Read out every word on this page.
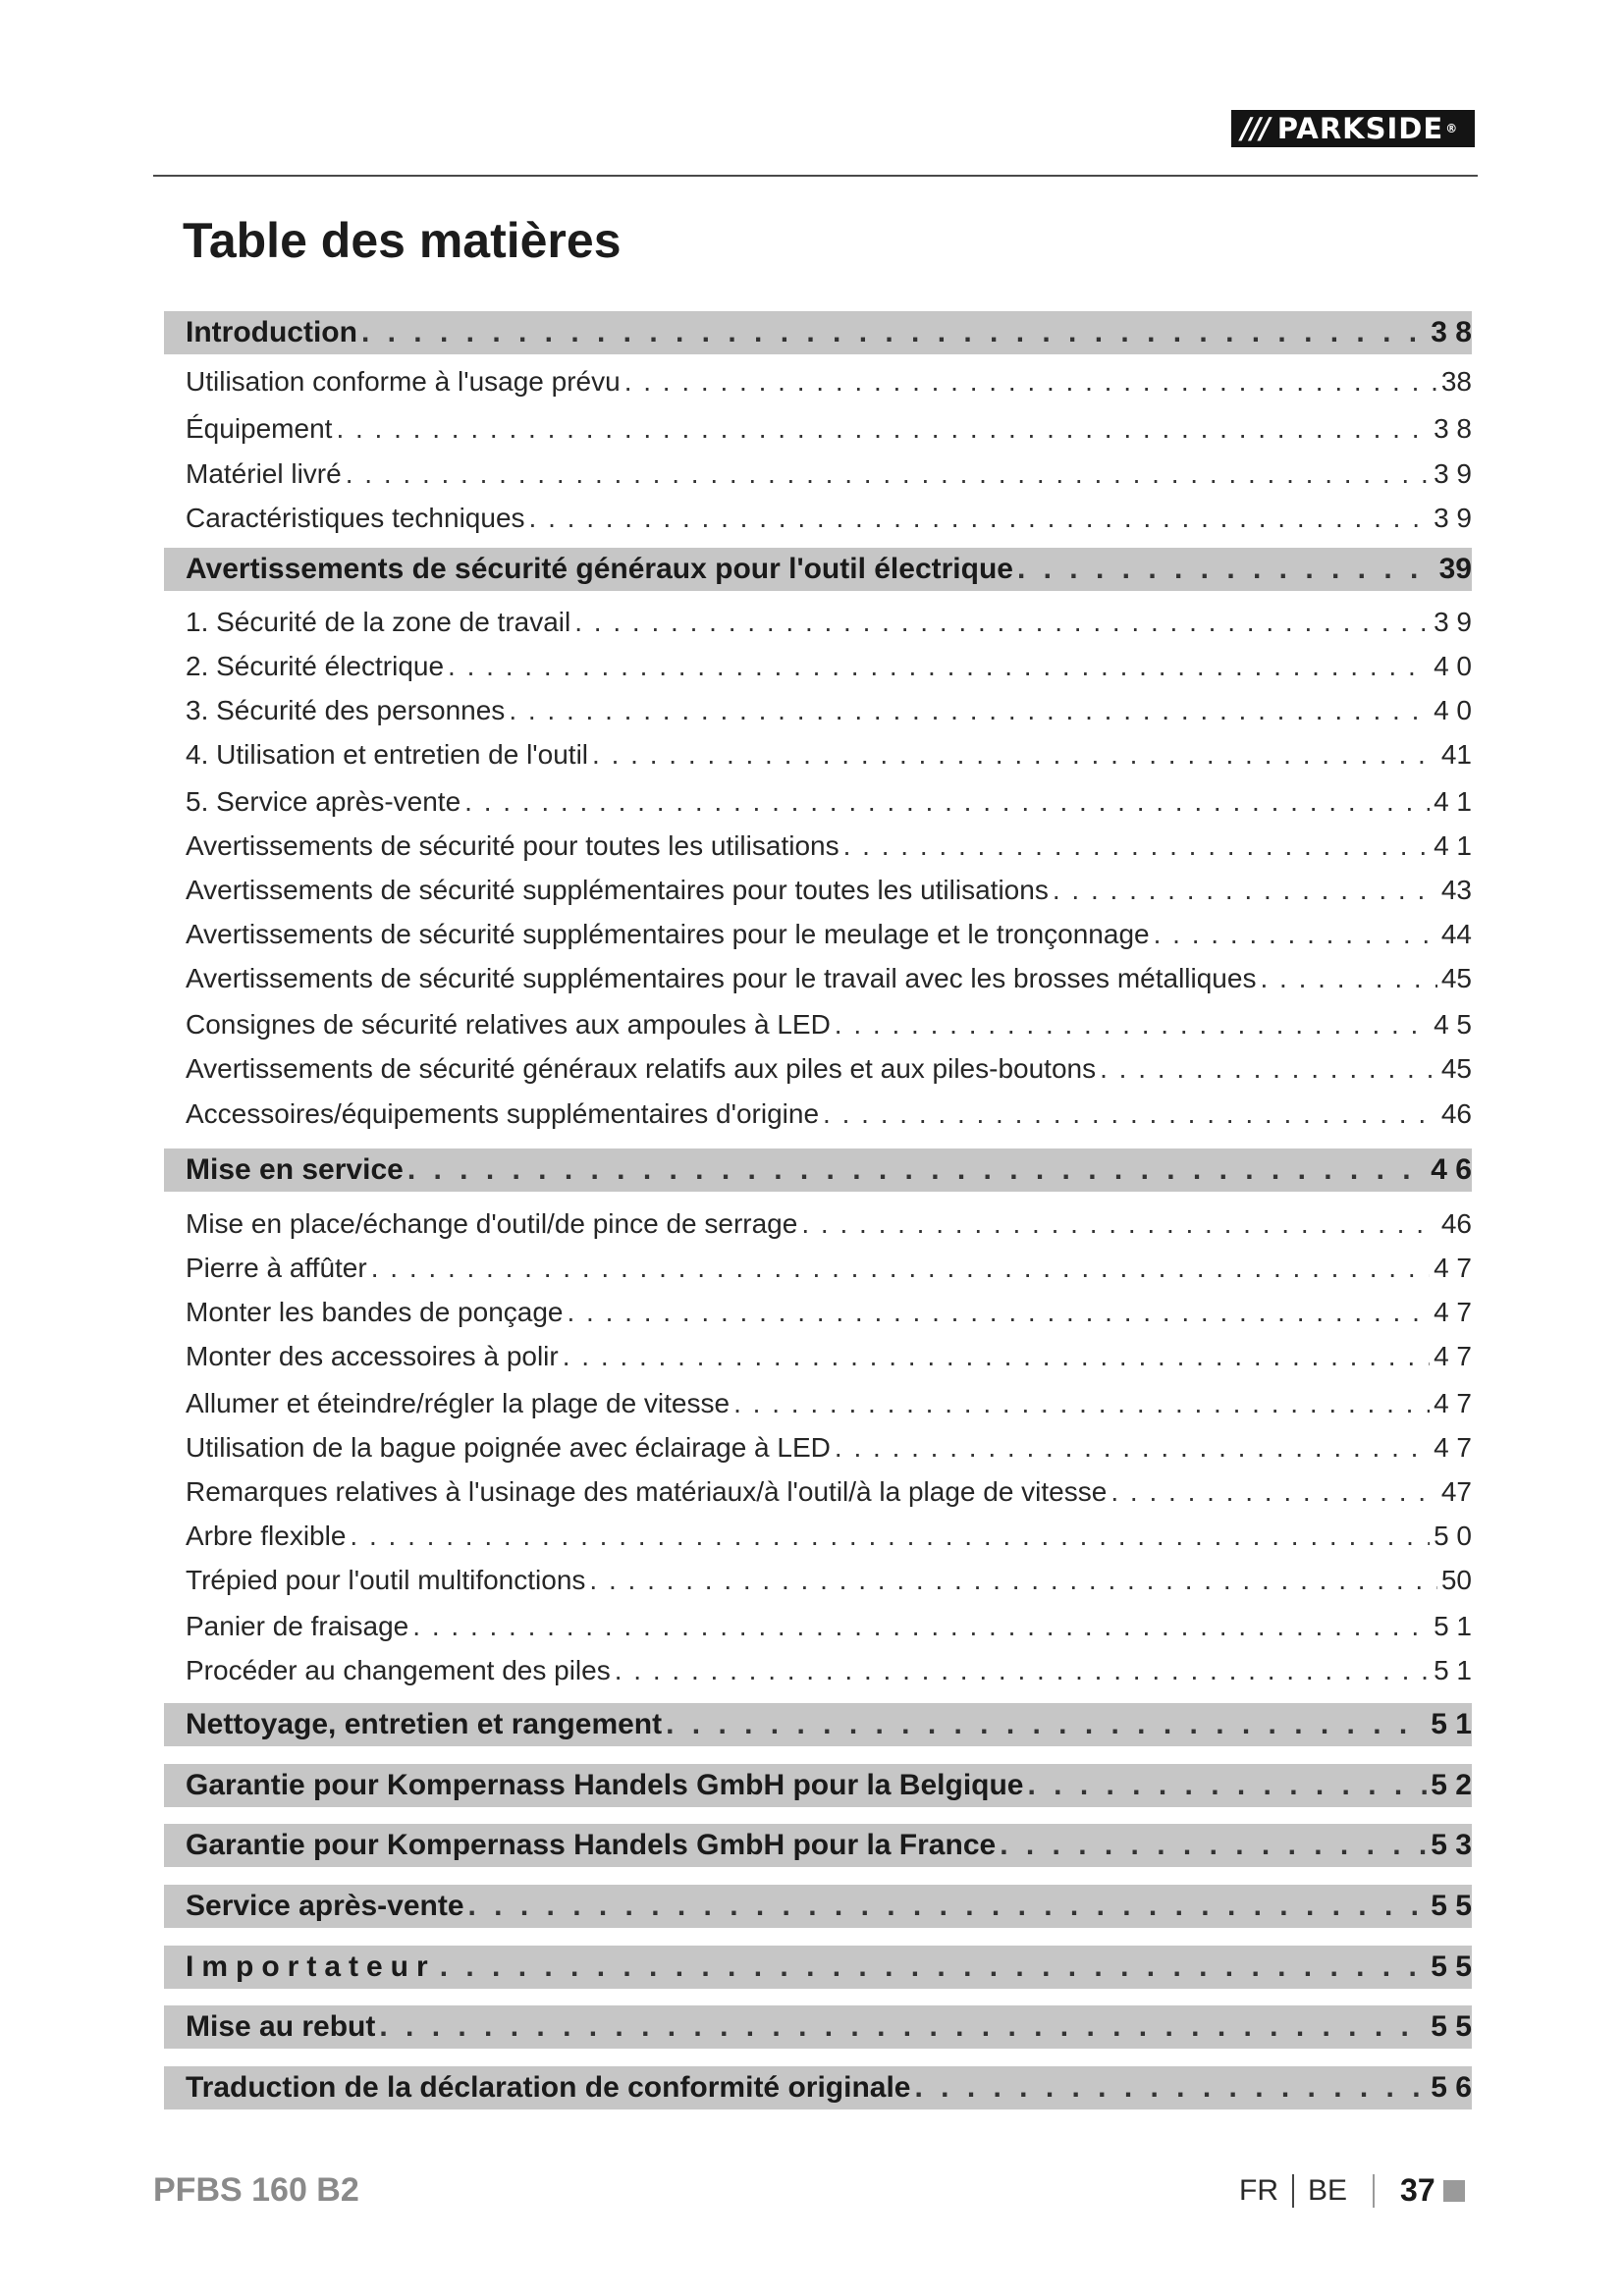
/// PARKSIDE ®
Table des matières
Introduction . . .	3 8
Utilisation conforme à l'usage prévu . . .	38
Équipement . . .	3 8
Matériel livré . . .	3 9
Caractéristiques techniques . . .	3 9
Avertissements de sécurité généraux pour l'outil électrique . . .	39
1. Sécurité de la zone de travail . . .	3 9
2. Sécurité électrique . . .	4 0
3. Sécurité des personnes . . .	4 0
4. Utilisation et entretien de l'outil . . .	41
5. Service après-vente . . .	4 1
Avertissements de sécurité pour toutes les utilisations . . .	4 1
Avertissements de sécurité supplémentaires pour toutes les utilisations . . .	43
Avertissements de sécurité supplémentaires pour le meulage et le tronçonnage . . .	44
Avertissements de sécurité supplémentaires pour le travail avec les brosses métalliques . . .	45
Consignes de sécurité relatives aux ampoules à LED . . .	4 5
Avertissements de sécurité généraux relatifs aux piles et aux piles-boutons . . .	45
Accessoires/équipements supplémentaires d'origine . . .	46
Mise en service . . .	4 6
Mise en place/échange d'outil/de pince de serrage . . .	46
Pierre à affûter . . .	4 7
Monter les bandes de ponçage . . .	4 7
Monter des accessoires à polir . . .	4 7
Allumer et éteindre/régler la plage de vitesse . . .	4 7
Utilisation de la bague poignée avec éclairage à LED . . .	4 7
Remarques relatives à l'usinage des matériaux/à l'outil/à la plage de vitesse . . .	47
Arbre flexible . . .	5 0
Trépied pour l'outil multifonctions . . .	50
Panier de fraisage . . .	5 1
Procéder au changement des piles . . .	5 1
Nettoyage, entretien et rangement . . .	5 1
Garantie pour Kompernass Handels GmbH pour la Belgique . . .	5 2
Garantie pour Kompernass Handels GmbH pour la France . . .	5 3
Service après-vente . . .	5 5
Importateur . . .	5 5
Mise au rebut . . .	5 5
Traduction de la déclaration de conformité originale . . .	5 6
PFBS 160 B2	FR BE 37
